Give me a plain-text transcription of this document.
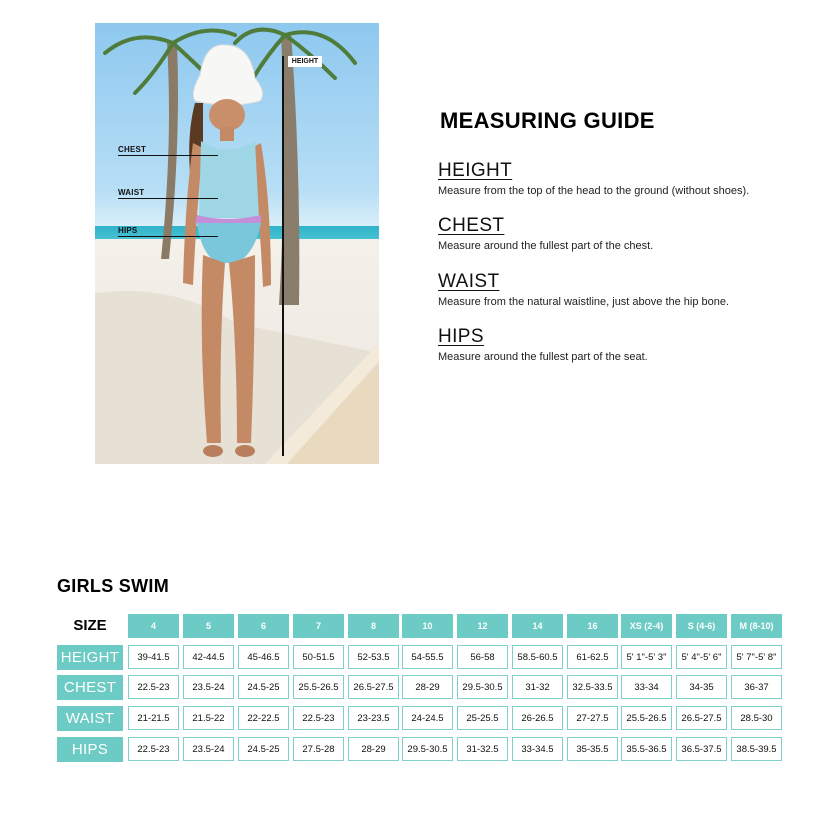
HEIGHT
CHEST
WAIST
HIPS
MEASURING GUIDE
HEIGHT
Measure from the top of the head to the ground (without shoes).
CHEST
Measure around the fullest part of the chest.
WAIST
Measure from the natural waistline, just above the hip bone.
HIPS
Measure around the fullest part of the seat.
GIRLS SWIM
SIZE	4	5	6	7	8	10	12	14	16	XS (2-4)	S (4-6)	M (8-10)
HEIGHT	39-41.5	42-44.5	45-46.5	50-51.5	52-53.5	54-55.5	56-58	58.5-60.5	61-62.5	5' 1"-5' 3"	5' 4"-5' 6"	5' 7"-5' 8"
CHEST	22.5-23	23.5-24	24.5-25	25.5-26.5	26.5-27.5	28-29	29.5-30.5	31-32	32.5-33.5	33-34	34-35	36-37
WAIST	21-21.5	21.5-22	22-22.5	22.5-23	23-23.5	24-24.5	25-25.5	26-26.5	27-27.5	25.5-26.5	26.5-27.5	28.5-30
HIPS	22.5-23	23.5-24	24.5-25	27.5-28	28-29	29.5-30.5	31-32.5	33-34.5	35-35.5	35.5-36.5	36.5-37.5	38.5-39.5
